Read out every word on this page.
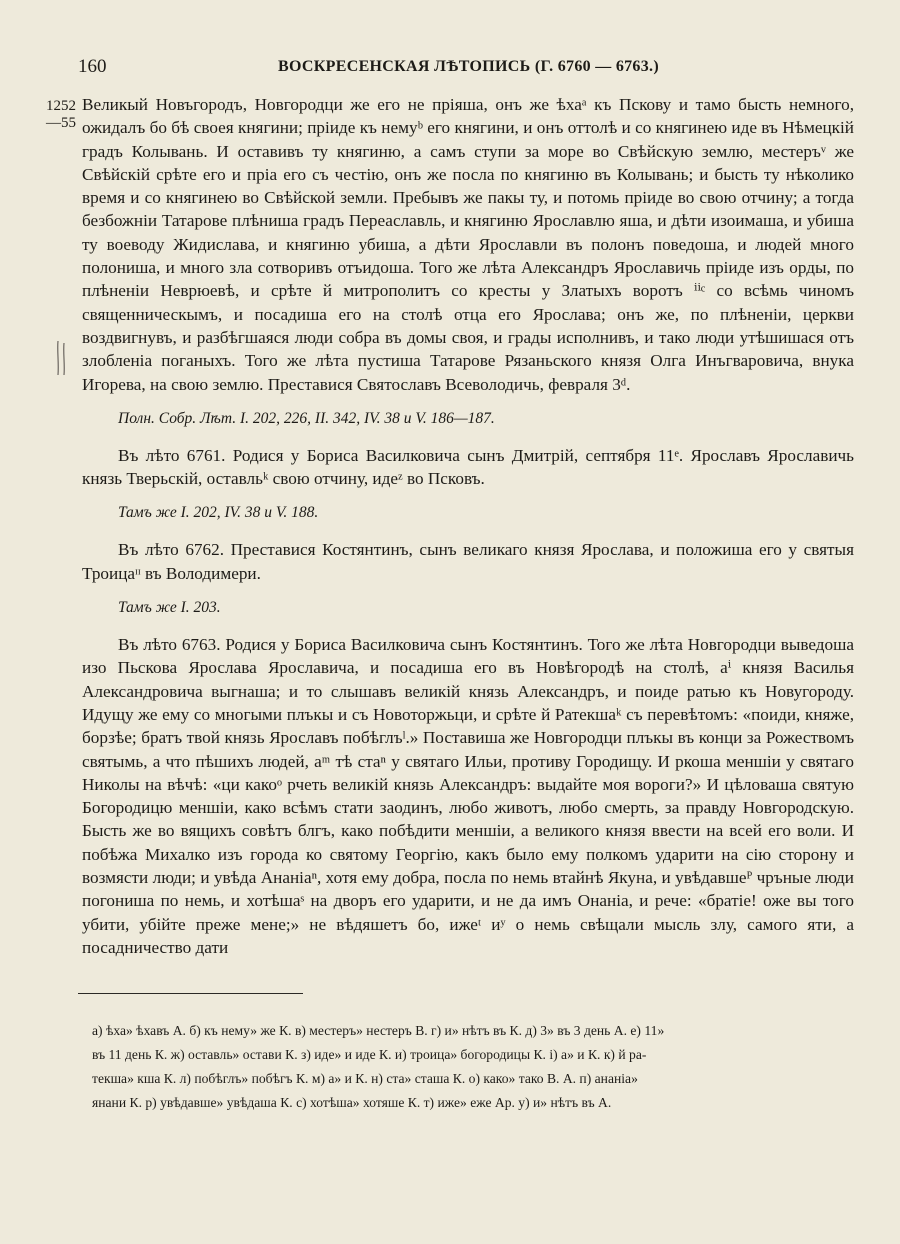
160	ВОСКРЕСЕНСКАЯ ЛѢТОПИСЬ (Г. 6760 — 6763.)
1252
—55

Великый Новъгородъ, Новгородци же его не пріяша, онъ же ѣхаᵃ къ Пскову и тамо бысть немного, ожидалъ бо бѣ своея княгини; пріиде къ немуᵇ его княгини, и онъ оттолѣ и со княгинею иде въ Нѣмецкій градъ Колывань. И оставивъ ту княгиню, а самъ ступи за море во Свѣйскую землю, местеръᵛ же Свѣйскій срѣте его и пріа его съ честію, онъ же посла по княгиню въ Колывань; и бысть ту нѣколико время и со княгинею во Свѣйской земли. Пребывъ же пакы ту, и потомь пріиде во свою отчину; а тогда безбожніи Татарове плѣниша градъ Переаславль, и княгиню Ярославлю яша, и дѣти изоимаша, и убиша ту воеводу Жидислава, и княгиню убиша, а дѣти Ярославли въ полонъ поведоша, и людей много полониша, и много зла сотворивъ отъидоша. Того же лѣта Александръ Ярославичь пріиде изъ орды, по плѣненіи Неврюевѣ, и срѣте й митрополитъ со кресты у Златыхъ воротъ ⁱⁱᶜ со всѣмь чиномъ священническымъ, и посадиша его на столѣ отца его Ярослава; онъ же, по плѣненіи, церкви воздвигнувъ, и разбѣгшаяся люди собра въ домы своя, и грады исполнивъ, и тако люди утѣшишася отъ злобленіа поганыхъ. Того же лѣта пустиша Татарове Рязаньского князя Олга Инъгваровича, внука Игорева, на свою землю. Преставися Святославъ Всеволодичь, февраля 3ᵈ.

Полн. Собр. Лѣт. I. 202, 226, II. 342, IV. 38 и V. 186—187.

Въ лѣто 6761. Родися у Бориса Василковича сынъ Дмитрій, септября 11ᵉ. Ярославъ Ярославичь князь Тверьскій, оставльᵏ свою отчину, идеᶻ во Псковъ.

Тамъ же I. 202, IV. 38 и V. 188.

Въ лѣто 6762. Преставися Костянтинъ, сынъ великаго князя Ярослава, и положиша его у святыя Троицаᶦᶦ въ Володимери.

Тамъ же I. 203.

Въ лѣто 6763. Родися у Бориса Василковича сынъ Костянтинъ. Того же лѣта Новгородци выведоша изо Пьскова Ярослава Ярославича, и посадиша его въ Новѣгородѣ на столѣ, аⁱ князя Василья Александровича выгнаша; и то слышавъ великій князь Александръ, и поиде ратью къ Новугороду. Идущу же ему со многыми плъкы и съ Новоторжьци, и срѣте й Ратекшаᵏ съ перевѣтомъ: «поиди, княже, борзѣе; братъ твой князь Ярославъ побѣглъˡ.» Поставиша же Новгородци плъкы въ конци за Рожествомъ святымь, а что пѣшихъ людей, аᵐ тѣ стаⁿ у святаго Ильи, противу Городищу. И ркоша меншіи у святаго Николы на вѣчѣ: «ци какоᵒ рчеть великій князь Александръ: выдайте моя вороги?» И цѣловаша святую Богородицю меншіи, како всѣмъ стати заодинъ, любо животъ, любо смерть, за правду Новгородскую. Бысть же во вящихъ совѣтъ блгъ, како побѣдити меншіи, а великого князя ввести на всей его воли. И побѣжа Михалко изъ города ко святому Георгію, какъ было ему полкомъ ударити на сію сторону и возмясти люди; и увѣда Ананіаⁿ, хотя ему добра, посла по немь втайнѣ Якуна, и увѣдавшеᴾ чръные люди погониша по немь, и хотѣшаˢ на дворъ его ударити, и не да имъ Онаніа, и рече: «братіе! оже вы того убити, убійте преже мене;» не вѣдяшетъ бо, ижеᵗ иʸ о немь свѣщали мысль злу, самого яти, а посадничество дати

а) ѣха» ѣхавъ А. б) къ нему» же К. в) местеръ» нестеръ В. г) и» нѣтъ въ К. д) 3» въ 3 день А. е) 11»
въ 11 день К. ж) оставль» остави К. з) иде» и иде К. и) троица» богородицы К. і) а» и К. к) й ра-
текша» кша К. л) побѣглъ» побѣгъ К. м) а» и К. н) ста» сташа К. о) како» тако В. А. п) ананіа»
янани К. р) увѣдавше» увѣдаша К. с) хотѣша» хотяше К. т) иже» еже Ар. у) и» нѣтъ въ А.
